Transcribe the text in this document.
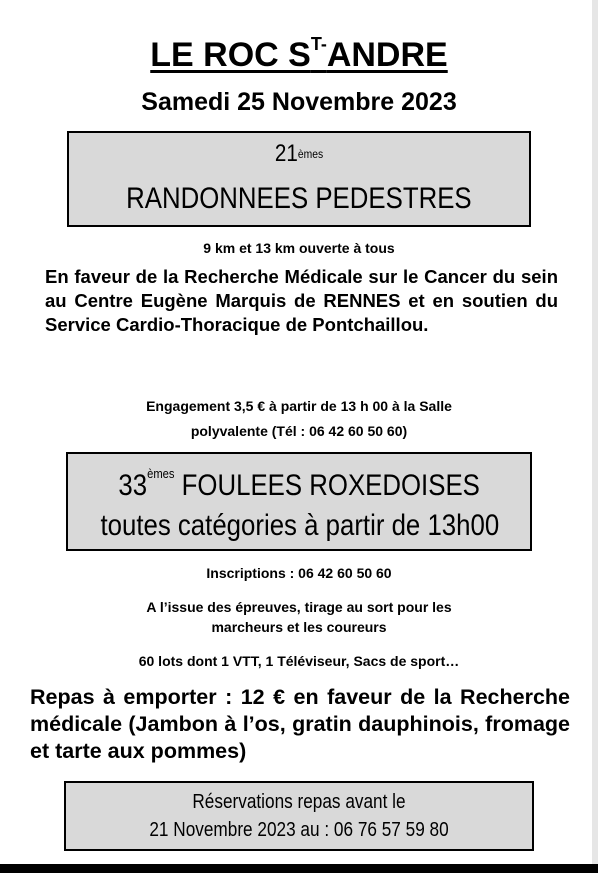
LE ROC $S^{T-}ANDRE$
Samedi 25 Novembre 2023
21èmes
RANDONNEES PEDESTRES
9 km et 13 km ouverte à tous
En faveur de la Recherche Médicale sur le Cancer du sein au Centre Eugène Marquis de RENNES et en soutien du Service Cardio-Thoracique de Pontchaillou.
Engagement 3,5 € à partir de 13 h 00 à la Salle
polyvalente (Tél : 06 42 60 50 60)
33èmes FOULEES ROXEDOISES
toutes catégories à partir de 13h00
Inscriptions : 06 42 60 50 60
A l’issue des épreuves, tirage au sort pour les
marcheurs et les coureurs
60 lots dont 1 VTT, 1 Téléviseur, Sacs de sport…
Repas à emporter : 12 € en faveur de la Recherche médicale (Jambon à l’os, gratin dauphinois, fromage et tarte aux pommes)
Réservations repas avant le
21 Novembre 2023 au : 06 76 57 59 80
